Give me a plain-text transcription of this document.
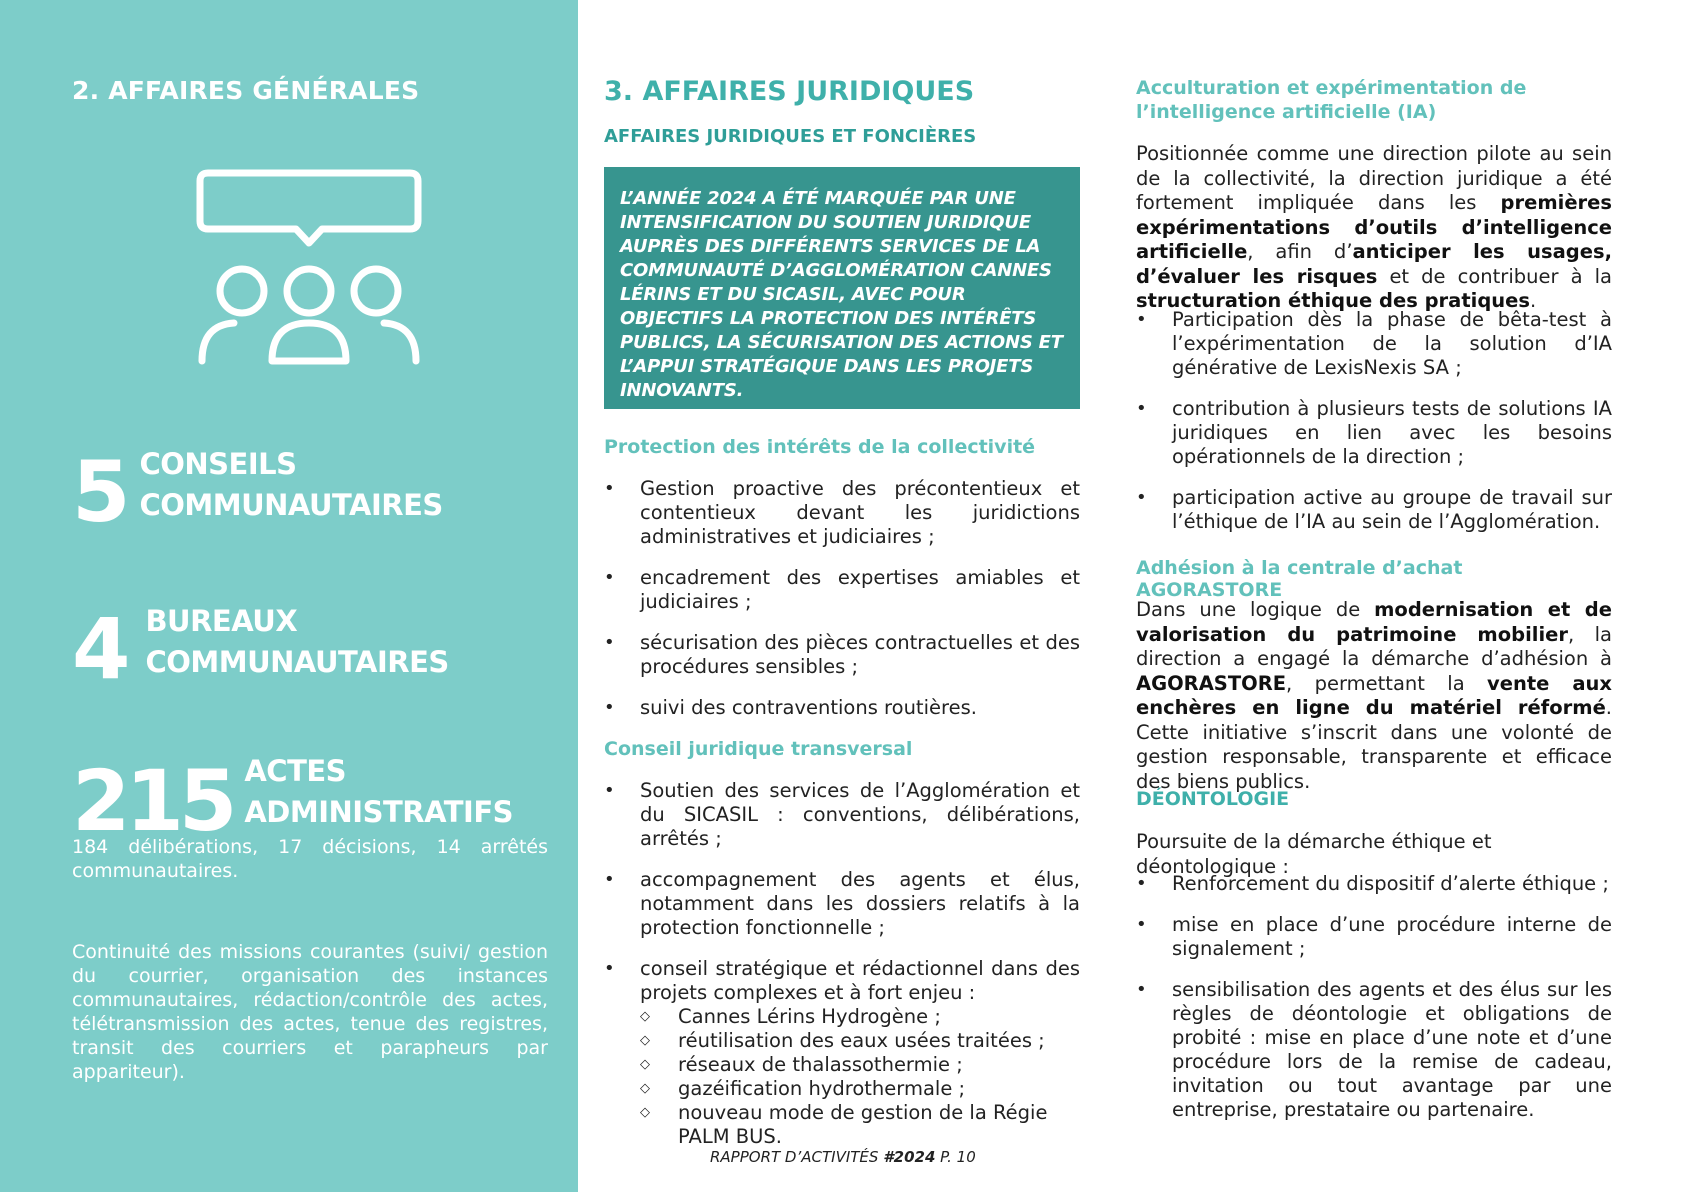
2. AFFAIRES GÉNÉRALES
5 CONSEILS
COMMUNAUTAIRES
4 BUREAUX
COMMUNAUTAIRES
215 ACTES
ADMINISTRATIFS

184 délibérations, 17 décisions, 14 arrêtés communautaires.

Continuité des missions courantes (suivi/ gestion du courrier, organisation des instances communautaires, rédaction/contrôle des actes, télétransmission des actes, tenue des registres, transit des courriers et parapheurs par appariteur).

3. AFFAIRES JURIDIQUES
AFFAIRES JURIDIQUES ET FONCIÈRES
L’ANNÉE 2024 A ÉTÉ MARQUÉE PAR UNE INTENSIFICATION DU SOUTIEN JURIDIQUE AUPRÈS DES DIFFÉRENTS SERVICES DE LA COMMUNAUTÉ D’AGGLOMÉRATION CANNES LÉRINS ET DU SICASIL, AVEC POUR OBJECTIFS LA PROTECTION DES INTÉRÊTS PUBLICS, LA SÉCURISATION DES ACTIONS ET L’APPUI STRATÉGIQUE DANS LES PROJETS INNOVANTS.
Protection des intérêts de la collectivité
• Gestion proactive des précontentieux et contentieux devant les juridictions administratives et judiciaires ;
• encadrement des expertises amiables et judiciaires ;
• sécurisation des pièces contractuelles et des procédures sensibles ;
• suivi des contraventions routières.
Conseil juridique transversal
• Soutien des services de l’Agglomération et du SICASIL : conventions, délibérations, arrêtés ;
• accompagnement des agents et élus, notamment dans les dossiers relatifs à la protection fonctionnelle ;
• conseil stratégique et rédactionnel dans des projets complexes et à fort enjeu :
◇ Cannes Lérins Hydrogène ;
◇ réutilisation des eaux usées traitées ;
◇ réseaux de thalassothermie ;
◇ gazéification hydrothermale ;
◇ nouveau mode de gestion de la Régie PALM BUS.
Acculturation et expérimentation de l’intelligence artificielle (IA)

Positionnée comme une direction pilote au sein de la collectivité, la direction juridique a été fortement impliquée dans les premières expérimentations d’outils d’intelligence artificielle, afin d’anticiper les usages, d’évaluer les risques et de contribuer à la structuration éthique des pratiques.

• Participation dès la phase de bêta-test à l’expérimentation de la solution d’IA générative de LexisNexis SA ;
• contribution à plusieurs tests de solutions IA juridiques en lien avec les besoins opérationnels de la direction ;
• participation active au groupe de travail sur l’éthique de l’IA au sein de l’Agglomération.
Adhésion à la centrale d’achat AGORASTORE

Dans une logique de modernisation et de valorisation du patrimoine mobilier, la direction a engagé la démarche d’adhésion à AGORASTORE, permettant la vente aux enchères en ligne du matériel réformé. Cette initiative s’inscrit dans une volonté de gestion responsable, transparente et efficace des biens publics.

DÉONTOLOGIE

Poursuite de la démarche éthique et déontologique :

• Renforcement du dispositif d’alerte éthique ;
• mise en place d’une procédure interne de signalement ;
• sensibilisation des agents et des élus sur les règles de déontologie et obligations de probité : mise en place d’une note et d’une procédure lors de la remise de cadeau, invitation ou tout avantage par une entreprise, prestataire ou partenaire.
RAPPORT D’ACTIVITÉS #2024 P. 10
